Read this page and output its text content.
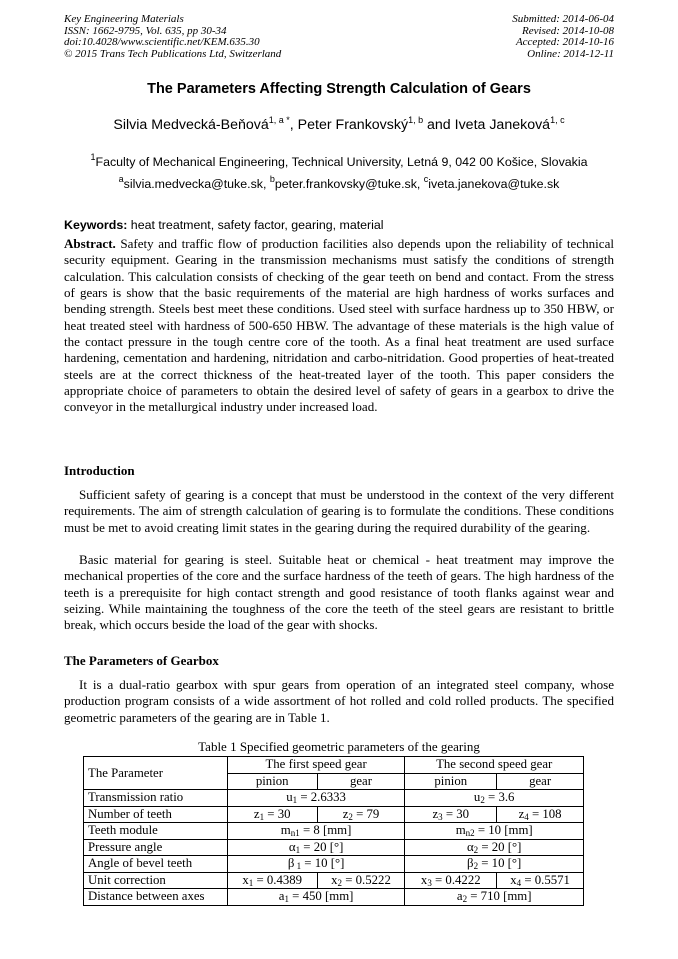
Key Engineering Materials
ISSN: 1662-9795, Vol. 635, pp 30-34
doi:10.4028/www.scientific.net/KEM.635.30
© 2015 Trans Tech Publications Ltd, Switzerland
Submitted: 2014-06-04
Revised: 2014-10-08
Accepted: 2014-10-16
Online: 2014-12-11
The Parameters Affecting Strength Calculation of Gears
Silvia Medvecká-Beňová$^{1, a *}$, Peter Frankovský$^{1, b}$ and Iveta Janeková$^{1, c}$
$^1$Faculty of Mechanical Engineering, Technical University, Letná 9, 042 00 Košice, Slovakia
$^a$silvia.medvecka@tuke.sk, $^b$peter.frankovsky@tuke.sk, $^c$iveta.janekova@tuke.sk
Keywords: heat treatment, safety factor, gearing, material
Abstract. Safety and traffic flow of production facilities also depends upon the reliability of technical security equipment. Gearing in the transmission mechanisms must satisfy the conditions of strength calculation. This calculation consists of checking of the gear teeth on bend and contact. From the stress of gears is show that the basic requirements of the material are high hardness of works surfaces and bending strength. Steels best meet these conditions. Used steel with surface hardness up to 350 HBW, or heat treated steel with hardness of 500-650 HBW. The advantage of these materials is the high value of the contact pressure in the tough centre core of the tooth. As a final heat treatment are used surface hardening, cementation and hardening, nitridation and carbo-nitridation. Good properties of heat-treated steels are at the correct thickness of the heat-treated layer of the tooth. This paper considers the appropriate choice of parameters to obtain the desired level of safety of gears in a gearbox to drive the conveyor in the metallurgical industry under increased load.
Introduction
Sufficient safety of gearing is a concept that must be understood in the context of the very different requirements. The aim of strength calculation of gearing is to formulate the conditions. These conditions must be met to avoid creating limit states in the gearing during the required durability of the gearing.
Basic material for gearing is steel. Suitable heat or chemical - heat treatment may improve the mechanical properties of the core and the surface hardness of the teeth of gears. The high hardness of the teeth is a prerequisite for high contact strength and good resistance of tooth flanks against wear and seizing. While maintaining the toughness of the core the teeth of the steel gears are resistant to brittle break, which occurs beside the load of the gear with shocks.
The Parameters of Gearbox
It is a dual-ratio gearbox with spur gears from operation of an integrated steel company, whose production program consists of a wide assortment of hot rolled and cold rolled products. The specified geometric parameters of the gearing are in Table 1.
Table 1 Specified geometric parameters of the gearing
The Parameter	The first speed gear		The second speed gear	
	pinion	gear	pinion	gear
Transmission ratio	$u_1 = 2.6333$		$u_2 = 3.6$	
Number of teeth	$z_1 = 30$	$z_2 = 79$	$z_3 = 30$	$z_4 = 108$
Teeth module	$m_{n1} = 8$ [mm]		$m_{n2} = 10$ [mm]	
Pressure angle	$\alpha_1 = 20$ [°]		$\alpha_2 = 20$ [°]	
Angle of bevel teeth	β $_1$ = 10 [°]		$\beta_2 = 10$ [°]	
Unit correction	$x_1 = 0.4389$	$x_2 = 0.5222$	$x_3 = 0.4222$	$x_4 = 0.5571$
Distance between axes	$a_1 = 450$ [mm]		$a_2 = 710$ [mm]	
